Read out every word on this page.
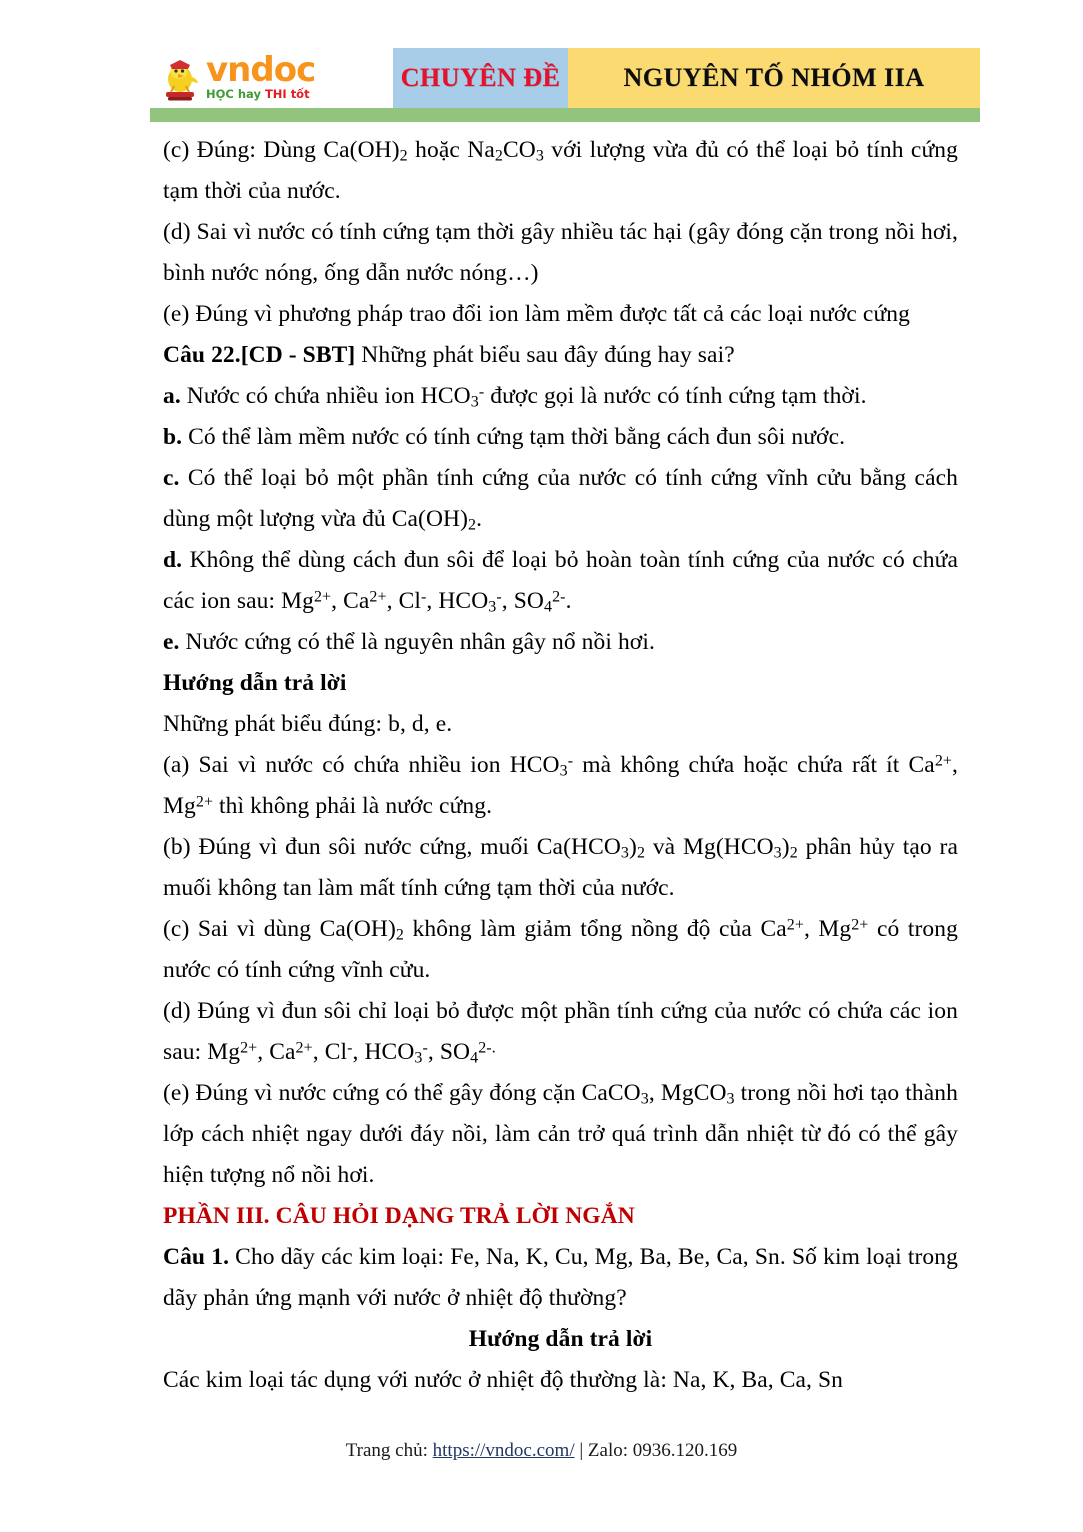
vndoc
HỌC hay THI tốt
CHUYÊN ĐỀ NGUYÊN TỐ NHÓM IIA

(c) Đúng: Dùng $Ca(OH)_2$ hoặc $Na_2CO_3$ với lượng vừa đủ có thể loại bỏ tính cứng tạm thời của nước.

(d) Sai vì nước có tính cứng tạm thời gây nhiều tác hại (gây đóng cặn trong nồi hơi, bình nước nóng, ống dẫn nước nóng…)

(e) Đúng vì phương pháp trao đổi ion làm mềm được tất cả các loại nước cứng

Câu 22.[CD - SBT] Những phát biểu sau đây đúng hay sai?

a. Nước có chứa nhiều ion $HCO_3^-$ được gọi là nước có tính cứng tạm thời.

b. Có thể làm mềm nước có tính cứng tạm thời bằng cách đun sôi nước.

c. Có thể loại bỏ một phần tính cứng của nước có tính cứng vĩnh cửu bằng cách dùng một lượng vừa đủ $Ca(OH)_2$.

d. Không thể dùng cách đun sôi để loại bỏ hoàn toàn tính cứng của nước có chứa các ion sau: $Mg^{2+}$, $Ca^{2+}$, Cl-, $HCO_3^-$, $SO_4^{2-}$.

e. Nước cứng có thể là nguyên nhân gây nổ nồi hơi.

Hướng dẫn trả lời

Những phát biểu đúng: b, d, e.

(a) Sai vì nước có chứa nhiều ion $HCO_3^-$ mà không chứa hoặc chứa rất ít $Ca^{2+}$, $Mg^{2+}$ thì không phải là nước cứng.

(b) Đúng vì đun sôi nước cứng, muối $Ca(HCO_3)_2$ và $Mg(HCO_3)_2$ phân hủy tạo ra muối không tan làm mất tính cứng tạm thời của nước.

(c) Sai vì dùng $Ca(OH)_2$ không làm giảm tổng nồng độ của $Ca^{2+}$, $Mg^{2+}$ có trong nước có tính cứng vĩnh cửu.

(d) Đúng vì đun sôi chỉ loại bỏ được một phần tính cứng của nước có chứa các ion sau: $Mg^{2+}$, $Ca^{2+}$, Cl-, $HCO_3^-$, $SO_4^{2-.}$

(e) Đúng vì nước cứng có thể gây đóng cặn CaCO$_3$, MgCO$_3$ trong nồi hơi tạo thành lớp cách nhiệt ngay dưới đáy nồi, làm cản trở quá trình dẫn nhiệt từ đó có thể gây hiện tượng nổ nồi hơi.

PHẦN III. CÂU HỎI DẠNG TRẢ LỜI NGẮN

Câu 1. Cho dãy các kim loại: Fe, Na, K, Cu, Mg, Ba, Be, Ca, Sn. Số kim loại trong dãy phản ứng mạnh với nước ở nhiệt độ thường?

Hướng dẫn trả lời

Các kim loại tác dụng với nước ở nhiệt độ thường là: Na, K, Ba, Ca, Sn

Trang chủ: https://vndoc.com/ | Zalo: 0936.120.169
